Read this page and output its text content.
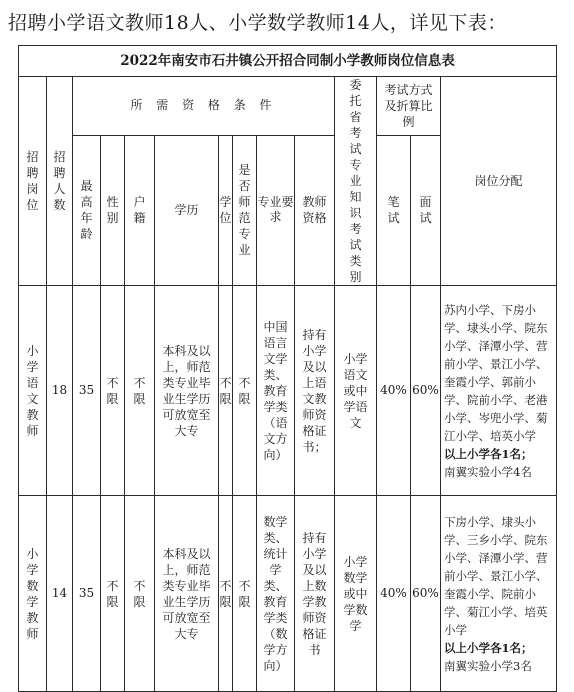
招聘小学语文教师18人、小学数学教师14人，详见下表：
2022年南安市石井镇公开招合同制小学教师岗位信息表													

招聘岗位	招聘人数	所 需 资 格 条 件								委托省考试专业知识考试类别	考试方式及折算比例		岗位分配

		最高年龄	性别	户籍	学历	学位	是否师范专业	专业要求	教师资格		笔试	面试	

小学语文教师	18	35	不限	不限	本科及以上，师范类专业毕业生学历可放宽至大专	不限	不限	中国语言文学类、教育学类（语文方向）	持有小学及以上语文教师资格证书；	小学语文或中学语文	40%	60%	苏内小学、下房小学、埭头小学、院东小学、泽潭小学、营前小学、景江小学、奎霞小学、郭前小学、院前小学、老港小学、岑兜小学、菊江小学、培英小学
以上小学各1名；
南翼实验小学4名

小学数学教师	14	35	不限	不限	本科及以上，师范类专业毕业生学历可放宽至大专	不限	不限	数学类、统计学类、教育学类（数学方向）	持有小学及以上数学教师资格证书	小学数学或中学数学	40%	60%	下房小学、埭头小学、三乡小学、院东小学、泽潭小学、营前小学、景江小学、奎霞小学、院前小学、菊江小学、培英小学
以上小学各1名；
南翼实验小学3名
